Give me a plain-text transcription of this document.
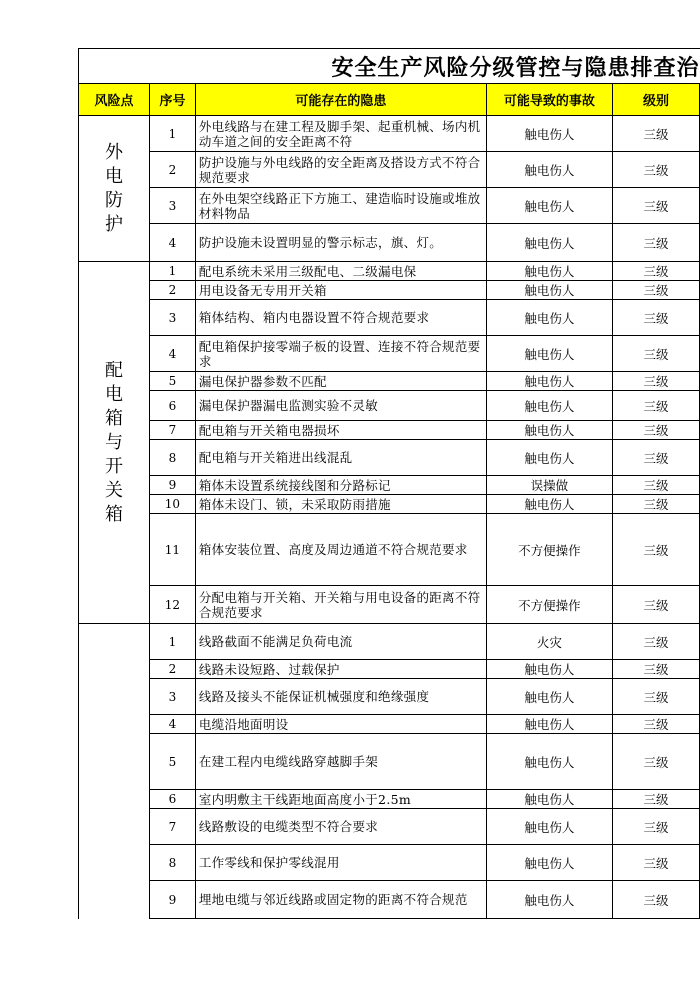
安全生产风险分级管控与隐患排查治				
风险点	序号	可能存在的隐患	可能导致的事故	级别
外电防护	1	外电线路与在建工程及脚手架、起重机械、场内机动车道之间的安全距离不符	触电伤人	三级
	2	防护设施与外电线路的安全距离及搭设方式不符合规范要求	触电伤人	三级
	3	在外电架空线路正下方施工、建造临时设施或堆放材料物品	触电伤人	三级
	4	防护设施未设置明显的警示标志，旗、灯。	触电伤人	三级
配电箱与开关箱	1	配电系统未采用三级配电、二级漏电保	触电伤人	三级
	2	用电设备无专用开关箱	触电伤人	三级
	3	箱体结构、箱内电器设置不符合规范要求	触电伤人	三级
	4	配电箱保护接零端子板的设置、连接不符合规范要求	触电伤人	三级
	5	漏电保护器参数不匹配	触电伤人	三级
	6	漏电保护器漏电监测实验不灵敏	触电伤人	三级
	7	配电箱与开关箱电器损坏	触电伤人	三级
	8	配电箱与开关箱进出线混乱	触电伤人	三级
	9	箱体未设置系统接线图和分路标记	误操做	三级
	10	箱体未设门、锁，未采取防雨措施	触电伤人	三级
	11	箱体安装位置、高度及周边通道不符合规范要求	不方便操作	三级
	12	分配电箱与开关箱、开关箱与用电设备的距离不符合规范要求	不方便操作	三级
	1	线路截面不能满足负荷电流	火灾	三级
	2	线路未设短路、过载保护	触电伤人	三级
	3	线路及接头不能保证机械强度和绝缘强度	触电伤人	三级
	4	电缆沿地面明设	触电伤人	三级
	5	在建工程内电缆线路穿越脚手架	触电伤人	三级
	6	室内明敷主干线距地面高度小于2.5m	触电伤人	三级
	7	线路敷设的电缆类型不符合要求	触电伤人	三级
	8	工作零线和保护零线混用	触电伤人	三级
	9	埋地电缆与邻近线路或固定物的距离不符合规范	触电伤人	三级
